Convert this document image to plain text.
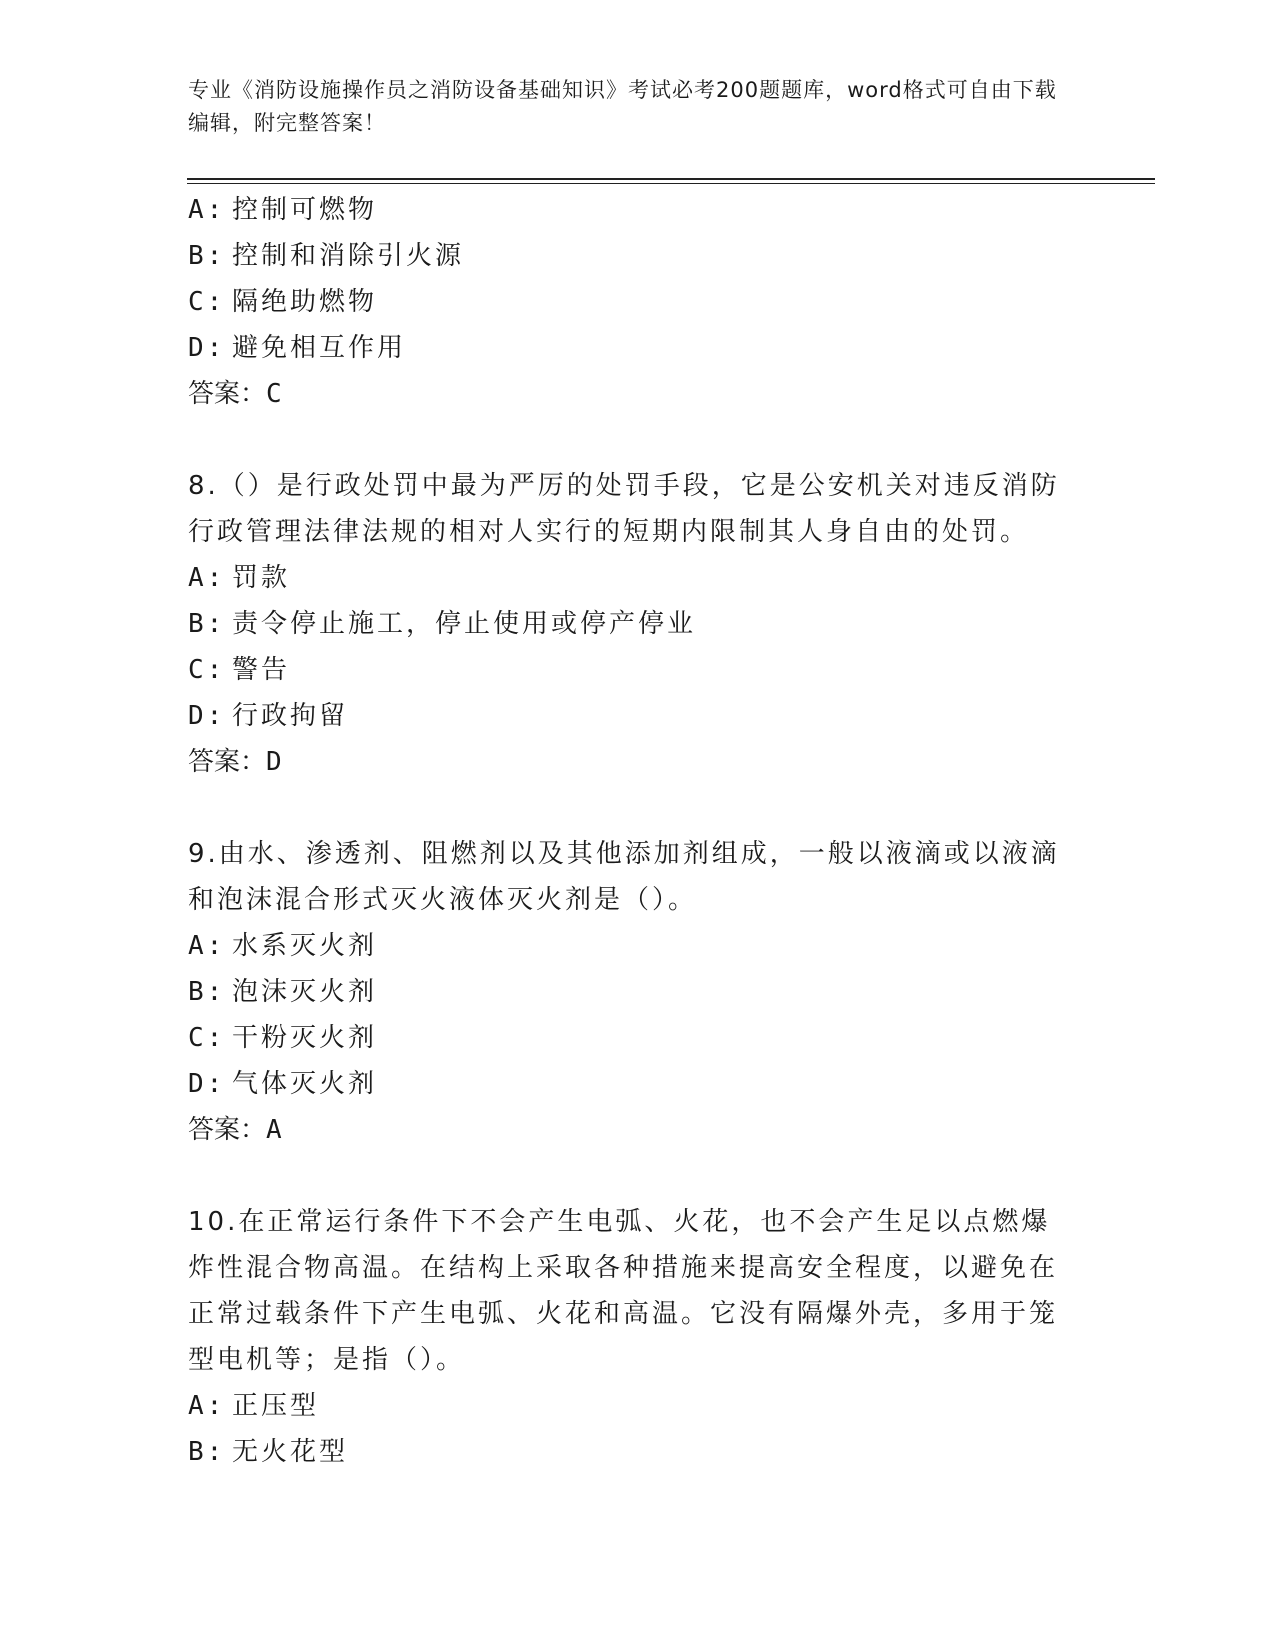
专业《消防设施操作员之消防设备基础知识》考试必考200题题库，word格式可自由下载编辑，附完整答案！
A: 控制可燃物
B: 控制和消除引火源
C: 隔绝助燃物
D: 避免相互作用
答案：C
8.（）是行政处罚中最为严厉的处罚手段，它是公安机关对违反消防行政管理法律法规的相对人实行的短期内限制其人身自由的处罚。
A: 罚款
B: 责令停止施工，停止使用或停产停业
C: 警告
D: 行政拘留
答案：D
9.由水、渗透剂、阻燃剂以及其他添加剂组成，一般以液滴或以液滴和泡沫混合形式灭火液体灭火剂是（）。
A: 水系灭火剂
B: 泡沫灭火剂
C: 干粉灭火剂
D: 气体灭火剂
答案：A
10.在正常运行条件下不会产生电弧、火花，也不会产生足以点燃爆炸性混合物高温。在结构上采取各种措施来提高安全程度，以避免在正常过载条件下产生电弧、火花和高温。它没有隔爆外壳，多用于笼型电机等；是指（）。
A: 正压型
B: 无火花型
